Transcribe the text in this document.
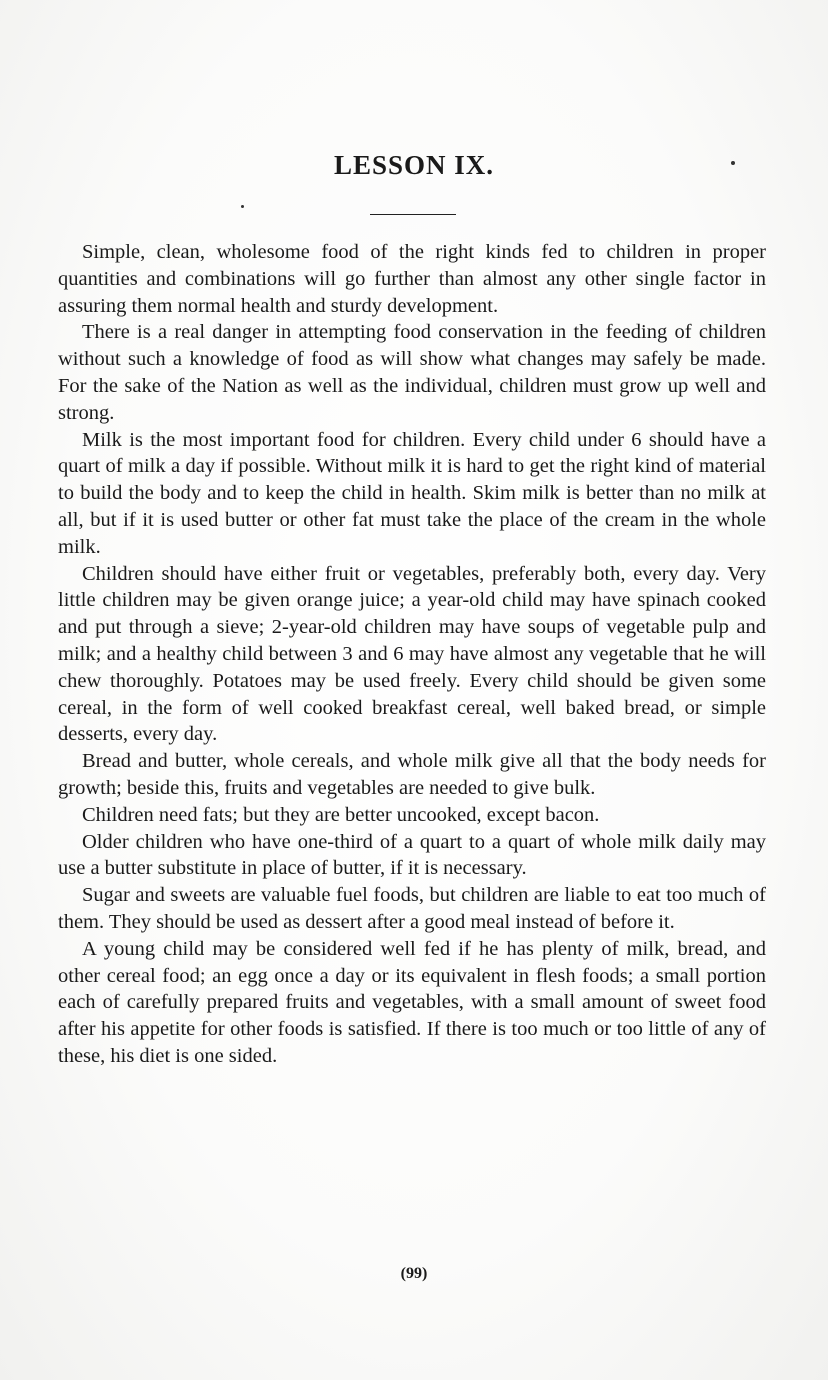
LESSON IX.

Simple, clean, wholesome food of the right kinds fed to children in proper quantities and combinations will go further than almost any other single factor in assuring them normal health and sturdy development.

There is a real danger in attempting food conservation in the feeding of children without such a knowledge of food as will show what changes may safely be made. For the sake of the Nation as well as the individual, children must grow up well and strong.

Milk is the most important food for children. Every child under 6 should have a quart of milk a day if possible. Without milk it is hard to get the right kind of material to build the body and to keep the child in health. Skim milk is better than no milk at all, but if it is used butter or other fat must take the place of the cream in the whole milk.

Children should have either fruit or vegetables, preferably both, every day. Very little children may be given orange juice; a year-old child may have spinach cooked and put through a sieve; 2-year-old children may have soups of vegetable pulp and milk; and a healthy child between 3 and 6 may have almost any vegetable that he will chew thoroughly. Potatoes may be used freely. Every child should be given some cereal, in the form of well cooked breakfast cereal, well baked bread, or simple desserts, every day.

Bread and butter, whole cereals, and whole milk give all that the body needs for growth; beside this, fruits and vegetables are needed to give bulk.

Children need fats; but they are better uncooked, except bacon.

Older children who have one-third of a quart to a quart of whole milk daily may use a butter substitute in place of butter, if it is necessary.

Sugar and sweets are valuable fuel foods, but children are liable to eat too much of them. They should be used as dessert after a good meal instead of before it.

A young child may be considered well fed if he has plenty of milk, bread, and other cereal food; an egg once a day or its equivalent in flesh foods; a small portion each of carefully prepared fruits and vegetables, with a small amount of sweet food after his appetite for other foods is satisfied. If there is too much or too little of any of these, his diet is one sided.

(99)
